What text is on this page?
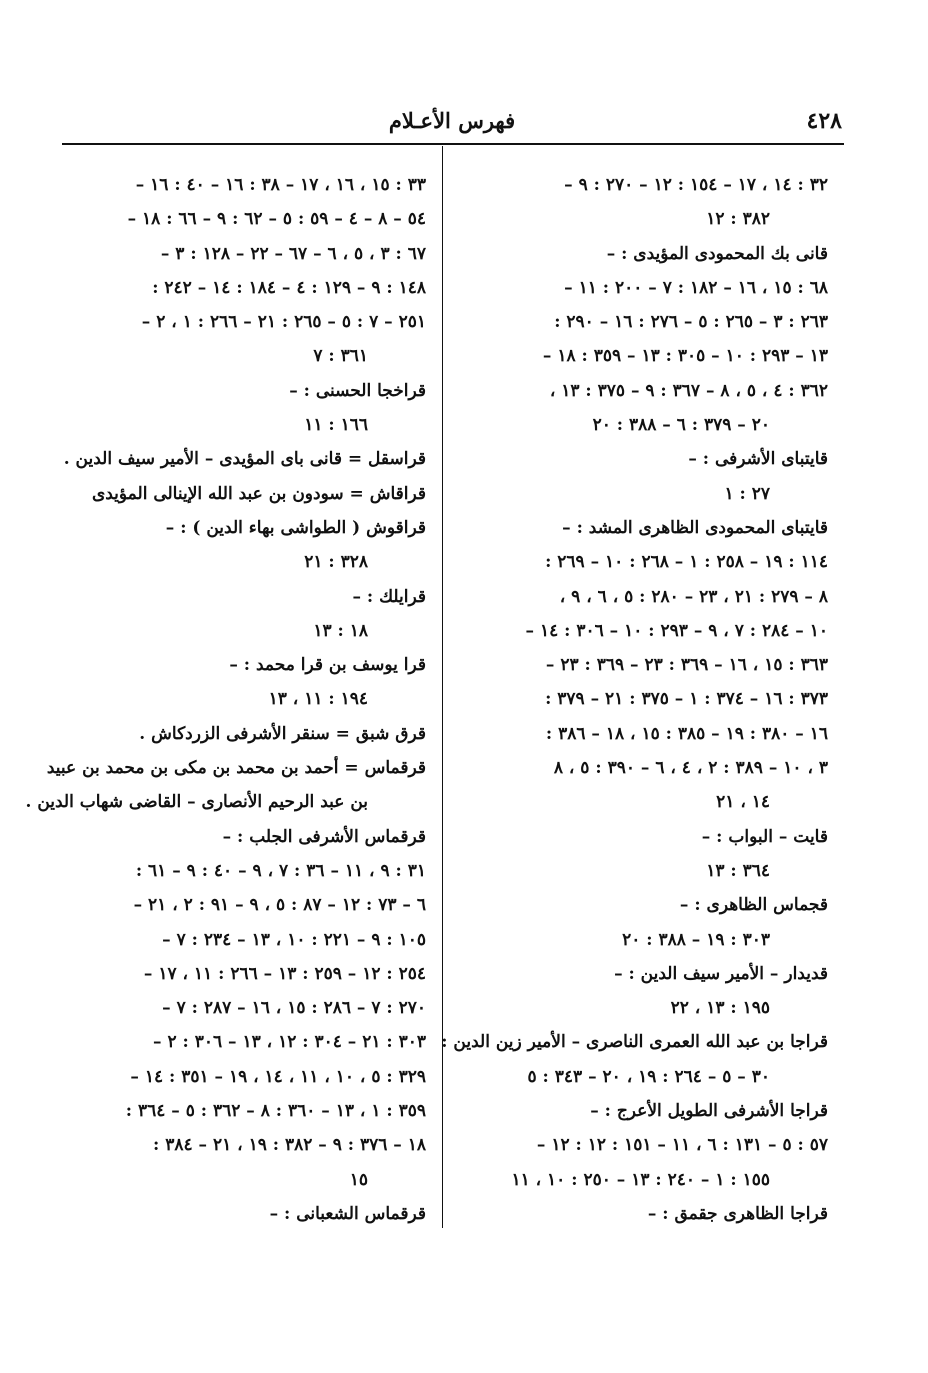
٤٢٨
فهرس الأعـلام
٣٢ : ١٤ ، ١٧ – ١٥٤ : ١٢ – ٢٧٠ : ٩ –
٣٨٢ : ١٢
قانى بك المحمودى المؤيدى : –
٦٨ : ١٥ ، ١٦ – ١٨٢ : ٧ – ٢٠٠ : ١١ –
٢٦٣ : ٣ – ٢٦٥ : ٥ – ٢٧٦ : ١٦ – ٢٩٠ :
١٣ – ٢٩٣ : ١٠ – ٣٠٥ : ١٣ – ٣٥٩ : ١٨ –
٣٦٢ : ٤ ، ٥ ، ٨ – ٣٦٧ : ٩ – ٣٧٥ : ١٣ ،
٢٠ – ٣٧٩ : ٦ – ٣٨٨ : ٢٠
قايتباى الأشرفى : –
٢٧ : ١
قايتباى المحمودى الظاهرى المشد : –
١١٤ : ١٩ – ٢٥٨ : ١ – ٢٦٨ : ١٠ – ٢٦٩ :
٨ – ٢٧٩ : ٢١ ، ٢٣ – ٢٨٠ : ٥ ، ٦ ، ٩ ،
١٠ – ٢٨٤ : ٧ ، ٩ – ٢٩٣ : ١٠ – ٣٠٦ : ١٤ –
٣٦٣ : ١٥ ، ١٦ – ٣٦٩ : ٢٣ – ٣٦٩ : ٢٣ –
٣٧٣ : ١٦ – ٣٧٤ : ١ – ٣٧٥ : ٢١ – ٣٧٩ :
١٦ – ٣٨٠ : ١٩ – ٣٨٥ : ١٥ ، ١٨ – ٣٨٦ :
٣ ، ١٠ – ٣٨٩ : ٢ ، ٤ ، ٦ – ٣٩٠ : ٥ ، ٨
١٤ ، ٢١
قايت – البواب : –
٣٦٤ : ١٣
قجماس الظاهرى : –
٣٠٣ : ١٩ – ٣٨٨ : ٢٠
قديدار – الأمير سيف الدين : –
١٩٥ : ١٣ ، ٢٢
قراجا بن عبد الله العمرى الناصرى – الأمير زين الدين :
٣٠ – ٥ – ٢٦٤ : ١٩ ، ٢٠ – ٣٤٣ : ٥
قراجا الأشرفى الطويل الأعرج : –
٥٧ : ٥ – ١٣١ : ٦ ، ١١ – ١٥١ : ١٢ : ١٢ –
١٥٥ : ١ – ٢٤٠ : ١٣ – ٢٥٠ : ١٠ ، ١١
قراجا الظاهرى جقمق : –
٣٣ : ١٥ ، ١٦ ، ١٧ – ٣٨ : ١٦ – ٤٠ : ١٦ –
٥٤ – ٨ – ٤ – ٥٩ : ٥ – ٦٢ : ٩ – ٦٦ : ١٨ –
٦٧ : ٣ ، ٥ ، ٦ – ٦٧ – ٢٢ – ١٢٨ : ٣ –
١٤٨ : ٩ – ١٢٩ : ٤ – ١٨٤ : ١٤ – ٢٤٢ :
٢٥١ – ٧ : ٥ – ٢٦٥ : ٢١ – ٢٦٦ : ١ ، ٢ –
٣٦١ : ٧
قراخجا الحسنى : –
١٦٦ : ١١
قراسقل = قانى باى المؤيدى – الأمير سيف الدين .
قراقاش = سودون بن عبد الله الإينالى المؤيدى
قراقوش ( الطواشى بهاء الدين ) : –
٣٢٨ : ٢١
قرايلك : –
١٨ : ١٣
قرا يوسف بن قرا محمد : –
١٩٤ : ١١ ، ١٣
قرق شبق = سنقر الأشرفى الزردكاش .
قرقماس = أحمد بن محمد بن مكى بن محمد بن عبيد
بن عبد الرحيم الأنصارى – القاضى شهاب الدين .
قرقماس الأشرفى الجلب : –
٣١ : ٩ ، ١١ – ٣٦ : ٧ ، ٩ – ٤٠ : ٩ – ٦١ :
٦ – ٧٣ : ١٢ – ٨٧ : ٥ ، ٩ – ٩١ : ٢ ، ٢١ –
١٠٥ : ٩ – ٢٢١ : ١٠ ، ١٣ – ٢٣٤ : ٧ –
٢٥٤ : ١٢ – ٢٥٩ : ١٣ – ٢٦٦ : ١١ ، ١٧ –
٢٧٠ : ٧ – ٢٨٦ : ١٥ ، ١٦ – ٢٨٧ : ٧ –
٣٠٣ : ٢١ – ٣٠٤ : ١٢ ، ١٣ – ٣٠٦ : ٢ –
٣٢٩ : ٥ ، ١٠ ، ١١ ، ١٤ ، ١٩ – ٣٥١ : ١٤ –
٣٥٩ : ١ ، ١٣ – ٣٦٠ : ٨ – ٣٦٢ : ٥ – ٣٦٤ :
١٨ – ٣٧٦ : ٩ – ٣٨٢ : ١٩ ، ٢١ – ٣٨٤ :
١٥
قرقماس الشعبانى : –
